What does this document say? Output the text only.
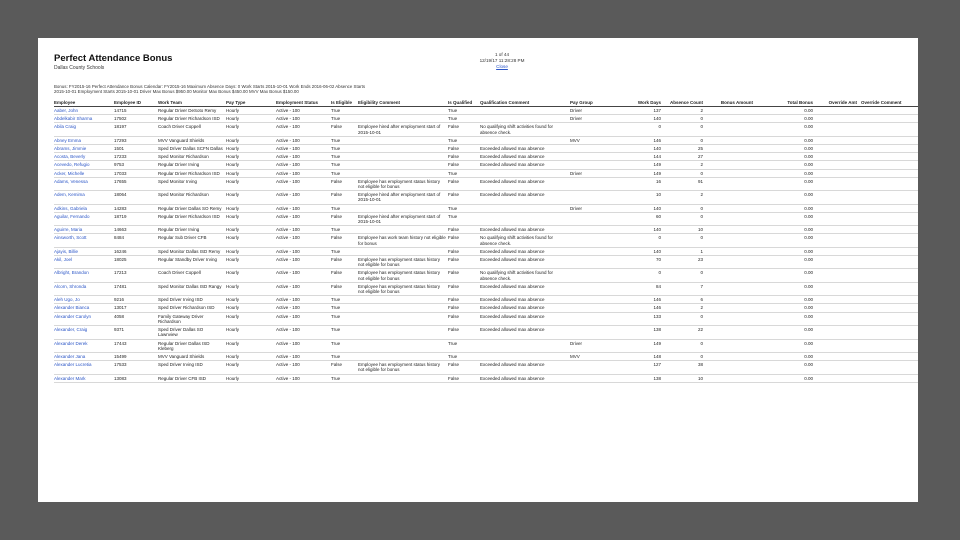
Perfect Attendance Bonus
Dallas County Schools
1 of 44
12/19/17 11:28:28 PM
Close
Bonus: FY2015-16 Perfect Attendance Bonus Calendar: FY2015-16 Maximum Absence Days: 0 Work Starts 2015-10-01 Work Ends 2016-06-02 Absence Starts
2015-10-01 Employment Starts 2015-10-01 Driver Max Bonus $950.00 Monitor Max Bonus $450.00 MVV Max Bonus $150.00
Employee	Employee ID	Work Team	Pay Type	Employment Status	Is Eligible	Eligibility Comment	Is Qualified	Qualification Comment	Pay Group	Work Days	Absence Count	Bonus Amount	Total Bonus	Override Amt	Override Comment
Aaber, John	14715	Regular Driver DeSoto Remy	Hourly	Active - 100	True		True		Driver	137	2		0.00		
Abdelkabir Sharma	17502	Regular Driver Richardson ISD	Hourly	Active - 100	True		True		Driver	140	0		0.00		
Abila Craig	18197	Coach Driver Coppell	Hourly	Active - 100	False	Employee hired after employment start of 2015-10-01	False	No qualifying shift activities found for absence check.		0	0		0.00		
Abney Emma	17293	MVV Vanguard Shields	Hourly	Active - 100	True		True		MVV	146	0		0.00		
Abrams, Jimmie	1501	Sped Driver Dallas SCFN Dallas	Hourly	Active - 100	True		False	Exceeded allowed max absence		140	25		0.00		
Acosta, Beverly	17233	Sped Monitor Richardson	Hourly	Active - 100	True		False	Exceeded allowed max absence		144	27		0.00		
Acevedo, Refugio	9753	Regular Driver Irving	Hourly	Active - 100	True		False	Exceeded allowed max absence		149	2		0.00		
Acker, Michelle	17033	Regular Driver Richardson ISD	Hourly	Active - 100	True		True		Driver	149	0		0.00		
Adams, Venessa	17655	Sped Monitor Irving	Hourly	Active - 100	False	Employee has employment status history not eligible for bonus	False	Exceeded allowed max absence		16	91		0.00		
Adem, Kemima	18064	Sped Monitor Richardson	Hourly	Active - 100	False	Employee hired after employment start of 2015-10-01	False	Exceeded allowed max absence		10	2		0.00		
Adkins, Gabriela	14283	Regular Driver Dallas SO Remy	Hourly	Active - 100	True		True		Driver	140	0		0.00		
Aguilar, Fernando	18719	Regular Driver Richardson ISD	Hourly	Active - 100	False	Employee hired after employment start of 2015-10-01	True			60	0		0.00		
Aguirre, Maria	14663	Regular Driver Irving	Hourly	Active - 100	True		False	Exceeded allowed max absence		140	10		0.00		
Ainsworth, Scott	8484	Regular Sub Driver CFB	Hourly	Active - 100	False	Employee has work team history not eligible for bonus	False	No qualifying shift activities found for absence check.		0	0		0.00		
Ajayis, Billie	16246	Sped Monitor Dallas ISD Remy	Hourly	Active - 100	True		False	Exceeded allowed max absence		140	1		0.00		
Akil, Joel	18025	Regular Standby Driver Irving	Hourly	Active - 100	False	Employee has employment status history not eligible for bonus	False	Exceeded allowed max absence		70	23		0.00		
Albright, Brandon	17213	Coach Driver Coppell	Hourly	Active - 100	False	Employee has employment status history not eligible for bonus	False	No qualifying shift activities found for absence check.		0	0		0.00		
Alcorn, Shronda	17481	Sped Monitor Dallas ISD Rangy	Hourly	Active - 100	False	Employee has employment status history not eligible for bonus	False	Exceeded allowed max absence		84	7		0.00		
Aleh Ugo, Jo	9216	Sped Driver Irving ISD	Hourly	Active - 100	True		False	Exceeded allowed max absence		146	6		0.00		
Alexander Bianca	13017	Sped Driver Richardson ISD	Hourly	Active - 100	True		False	Exceeded allowed max absence		146	2		0.00		
Alexander Carolyn	4058	Family Gateway Driver Richardson	Hourly	Active - 100	True		False	Exceeded allowed max absence		133	0		0.00		
Alexander, Craig	9371	Sped Driver Dallas SO Lawnview	Hourly	Active - 100	True		False	Exceeded allowed max absence		138	22		0.00		
Alexander Derek	17443	Regular Driver Dallas ISD Kleberg	Hourly	Active - 100	True		True		Driver	149	0		0.00		
Alexander Jana	15499	MVV Vanguard Shields	Hourly	Active - 100	True		True		MVV	148	0		0.00		
Alexander Lucretia	17533	Sped Driver Irving ISD	Hourly	Active - 100	False	Employee has employment status history not eligible for bonus	False	Exceeded allowed max absence		127	38		0.00		
Alexander Mark	13083	Regular Driver CFB ISD	Hourly	Active - 100	True		False	Exceeded allowed max absence		138	10		0.00		
